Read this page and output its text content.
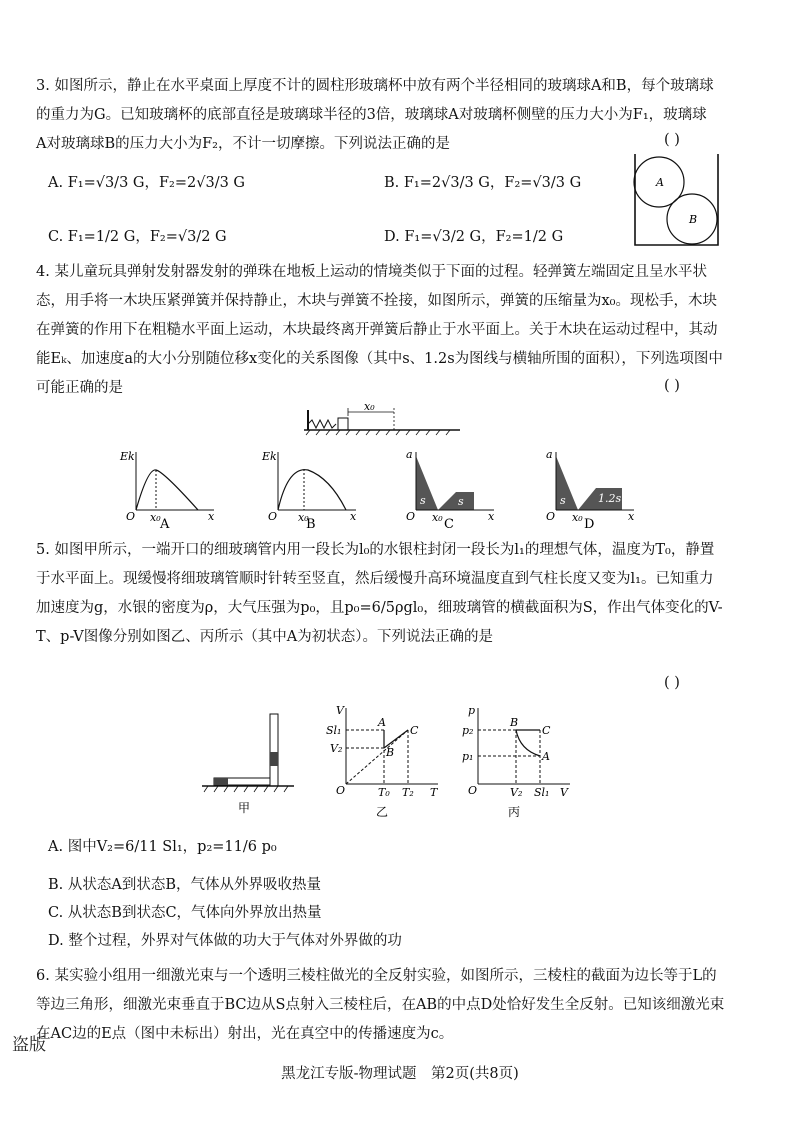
3. 如图所示，静止在水平桌面上厚度不计的圆柱形玻璃杯中放有两个半径相同的玻璃球A和B，每个玻璃球的重力为G。已知玻璃杯的底部直径是玻璃球半径的3倍，玻璃球A对玻璃杯侧壁的压力大小为F₁，玻璃球A对玻璃球B的压力大小为F₂，不计一切摩擦。下列说法正确的是	( )
A. F₁=√3/3 G，F₂=2√3/3 G	B. F₁=2√3/3 G，F₂=√3/3 G
C. F₁=1/2 G，F₂=√3/2 G	D. F₁=√3/2 G，F₂=1/2 G
A
B

4. 某儿童玩具弹射发射器发射的弹珠在地板上运动的情境类似于下面的过程。轻弹簧左端固定且呈水平状态，用手将一木块压紧弹簧并保持静止，木块与弹簧不拴接，如图所示，弹簧的压缩量为x₀。现松手，木块在弹簧的作用下在粗糙水平面上运动，木块最终离开弹簧后静止于水平面上。关于木块在运动过程中，其动能Eₖ、加速度a的大小分别随位移x变化的关系图像（其中s、1.2s为图线与横轴所围的面积），下列选项图中可能正确的是	( )
x₀
Ek
O x₀	x
A
Ek
O x₀	x
B
a
O x₀	x
s	s
C
a
O x₀	x
s	1.2s
D

5. 如图甲所示，一端开口的细玻璃管内用一段长为l₀的水银柱封闭一段长为l₁的理想气体，温度为T₀，静置于水平面上。现缓慢将细玻璃管顺时针转至竖直，然后缓慢升高环境温度直到气柱长度又变为l₁。已知重力加速度为g，水银的密度为ρ，大气压强为p₀，且p₀=6/5ρgl₀，细玻璃管的横截面积为S，作出气体变化的V-T、p-V图像分别如图乙、丙所示（其中A为初状态）。下列说法正确的是

( )
甲
V
Sl₁
V₂
A
B
C
O	T₀ T₂ T
乙
p
p₂
p₁
B
C
A
O	V₂ Sl₁ V
丙
A. 图中V₂=6/11 Sl₁，p₂=11/6 p₀
B. 从状态A到状态B，气体从外界吸收热量
C. 从状态B到状态C，气体向外界放出热量
D. 整个过程，外界对气体做的功大于气体对外界做的功

6. 某实验小组用一细激光束与一个透明三棱柱做光的全反射实验，如图所示，三棱柱的截面为边长等于L的等边三角形，细激光束垂直于BC边从S点射入三棱柱后，在AB的中点D处恰好发生全反射。已知该细激光束在AC边的E点（图中未标出）射出，光在真空中的传播速度为c。

盗版
黑龙江专版-物理试题　第2页(共8页)
